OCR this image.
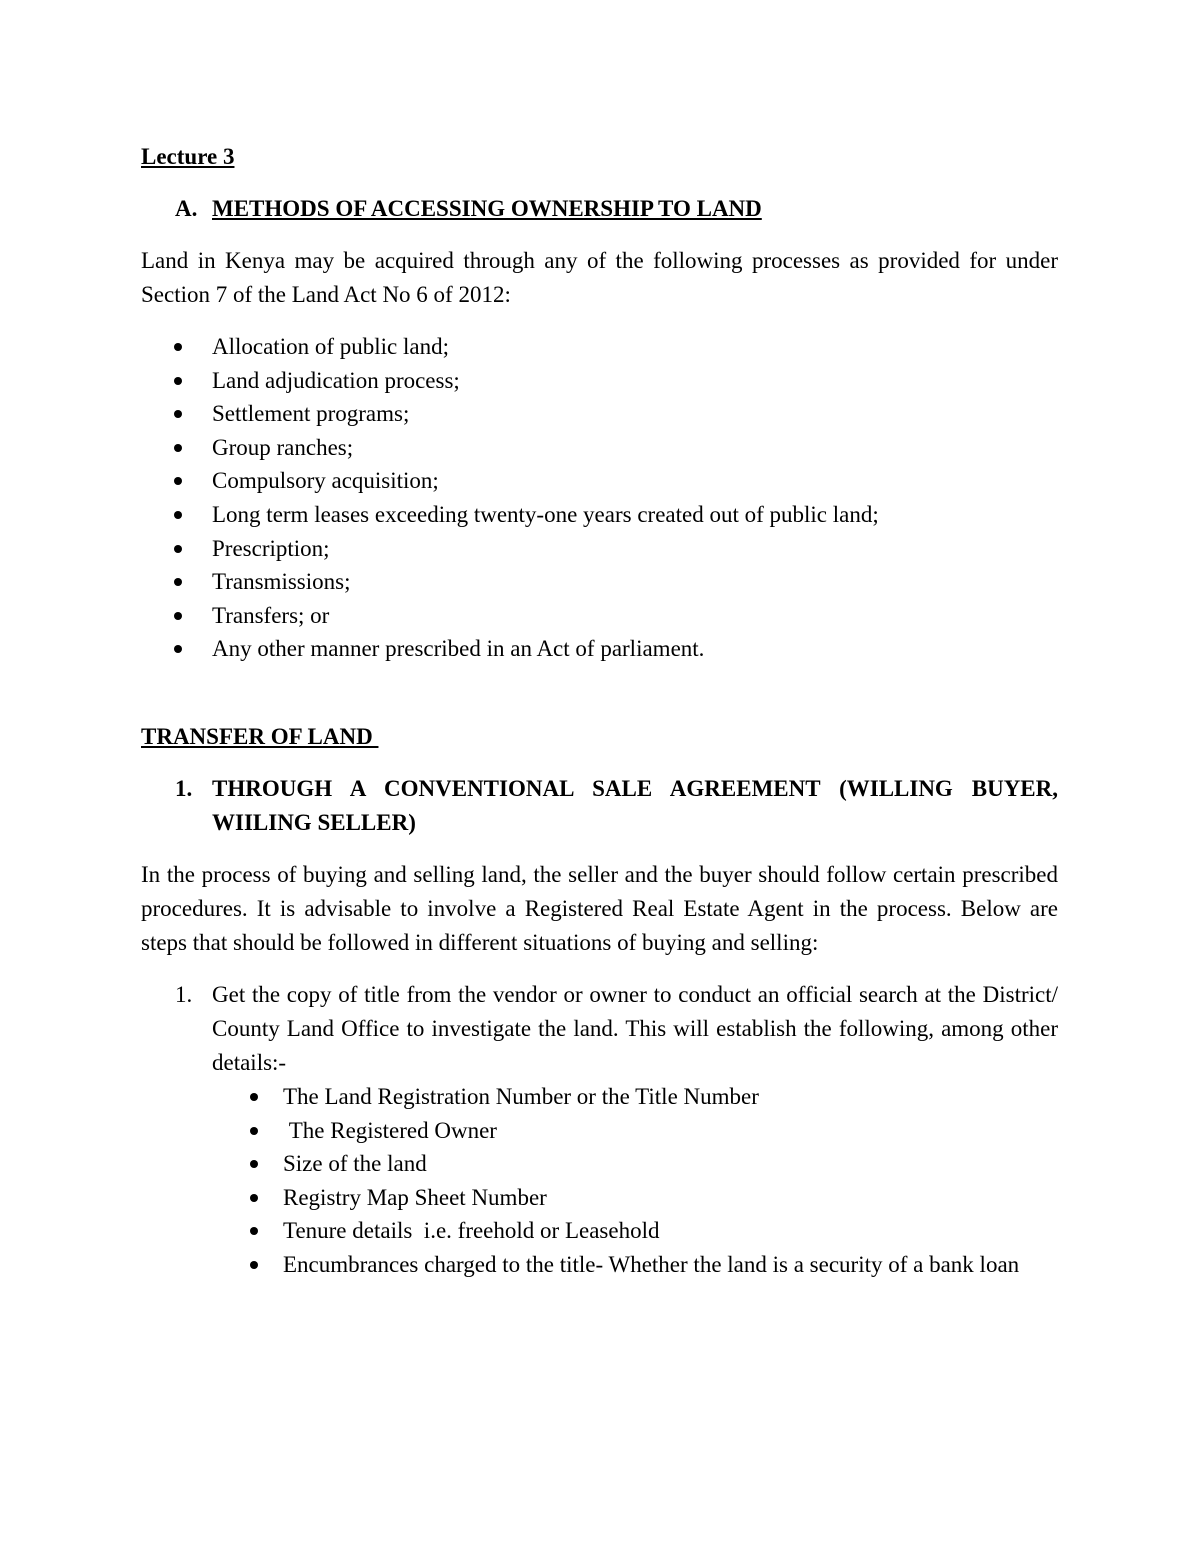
Lecture 3
A. METHODS OF ACCESSING OWNERSHIP TO LAND
Land in Kenya may be acquired through any of the following processes as provided for under Section 7 of the Land Act No 6 of 2012:
Allocation of public land;
Land adjudication process;
Settlement programs;
Group ranches;
Compulsory acquisition;
Long term leases exceeding twenty-one years created out of public land;
Prescription;
Transmissions;
Transfers; or
Any other manner prescribed in an Act of parliament.
TRANSFER OF LAND
1. THROUGH A CONVENTIONAL SALE AGREEMENT (WILLING BUYER, WIILING SELLER)
In the process of buying and selling land, the seller and the buyer should follow certain prescribed procedures. It is advisable to involve a Registered Real Estate Agent in the process. Below are steps that should be followed in different situations of buying and selling:
1. Get the copy of title from the vendor or owner to conduct an official search at the District/ County Land Office to investigate the land. This will establish the following, among other details:-
The Land Registration Number or the Title Number
The Registered Owner
Size of the land
Registry Map Sheet Number
Tenure details  i.e. freehold or Leasehold
Encumbrances charged to the title- Whether the land is a security of a bank loan
